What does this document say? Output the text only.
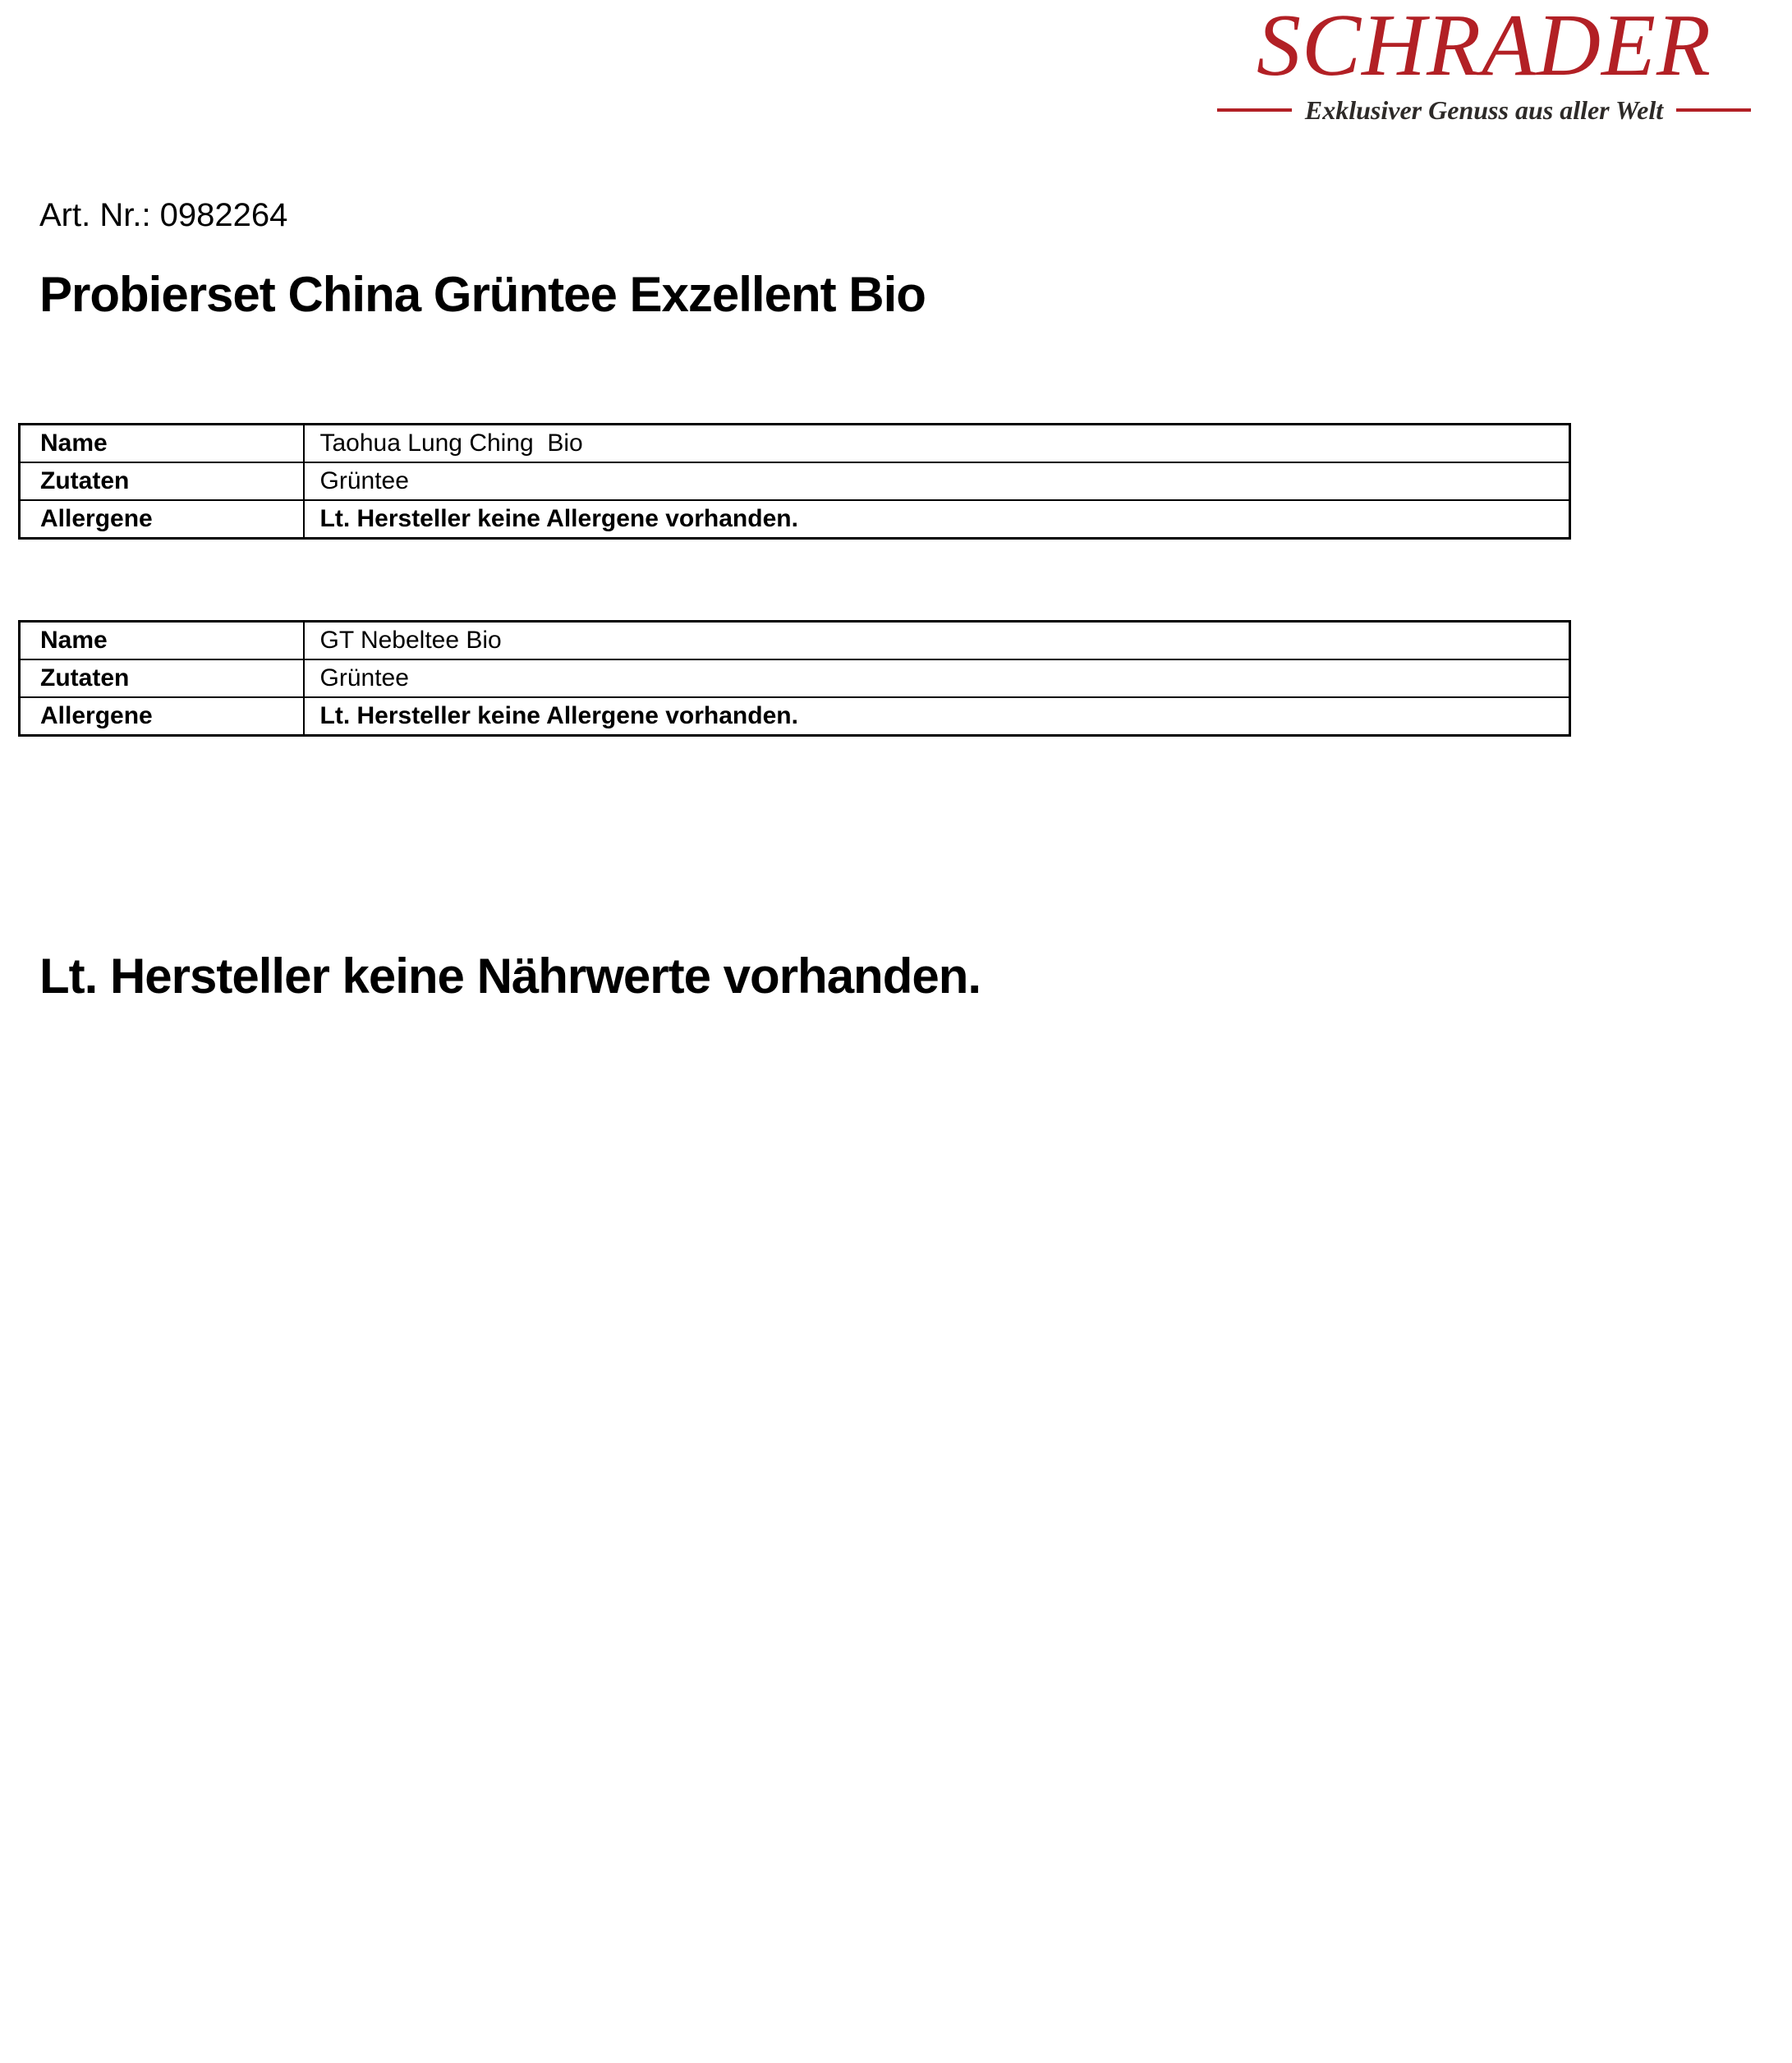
SCHRADER
Exklusiver Genuss aus aller Welt
Art. Nr.: 0982264
Probierset China Grüntee Exzellent Bio
Name	Taohua Lung Ching  Bio
Zutaten	Grüntee
Allergene	Lt. Hersteller keine Allergene vorhanden.
Name	GT Nebeltee Bio
Zutaten	Grüntee
Allergene	Lt. Hersteller keine Allergene vorhanden.
Lt. Hersteller keine Nährwerte vorhanden.
